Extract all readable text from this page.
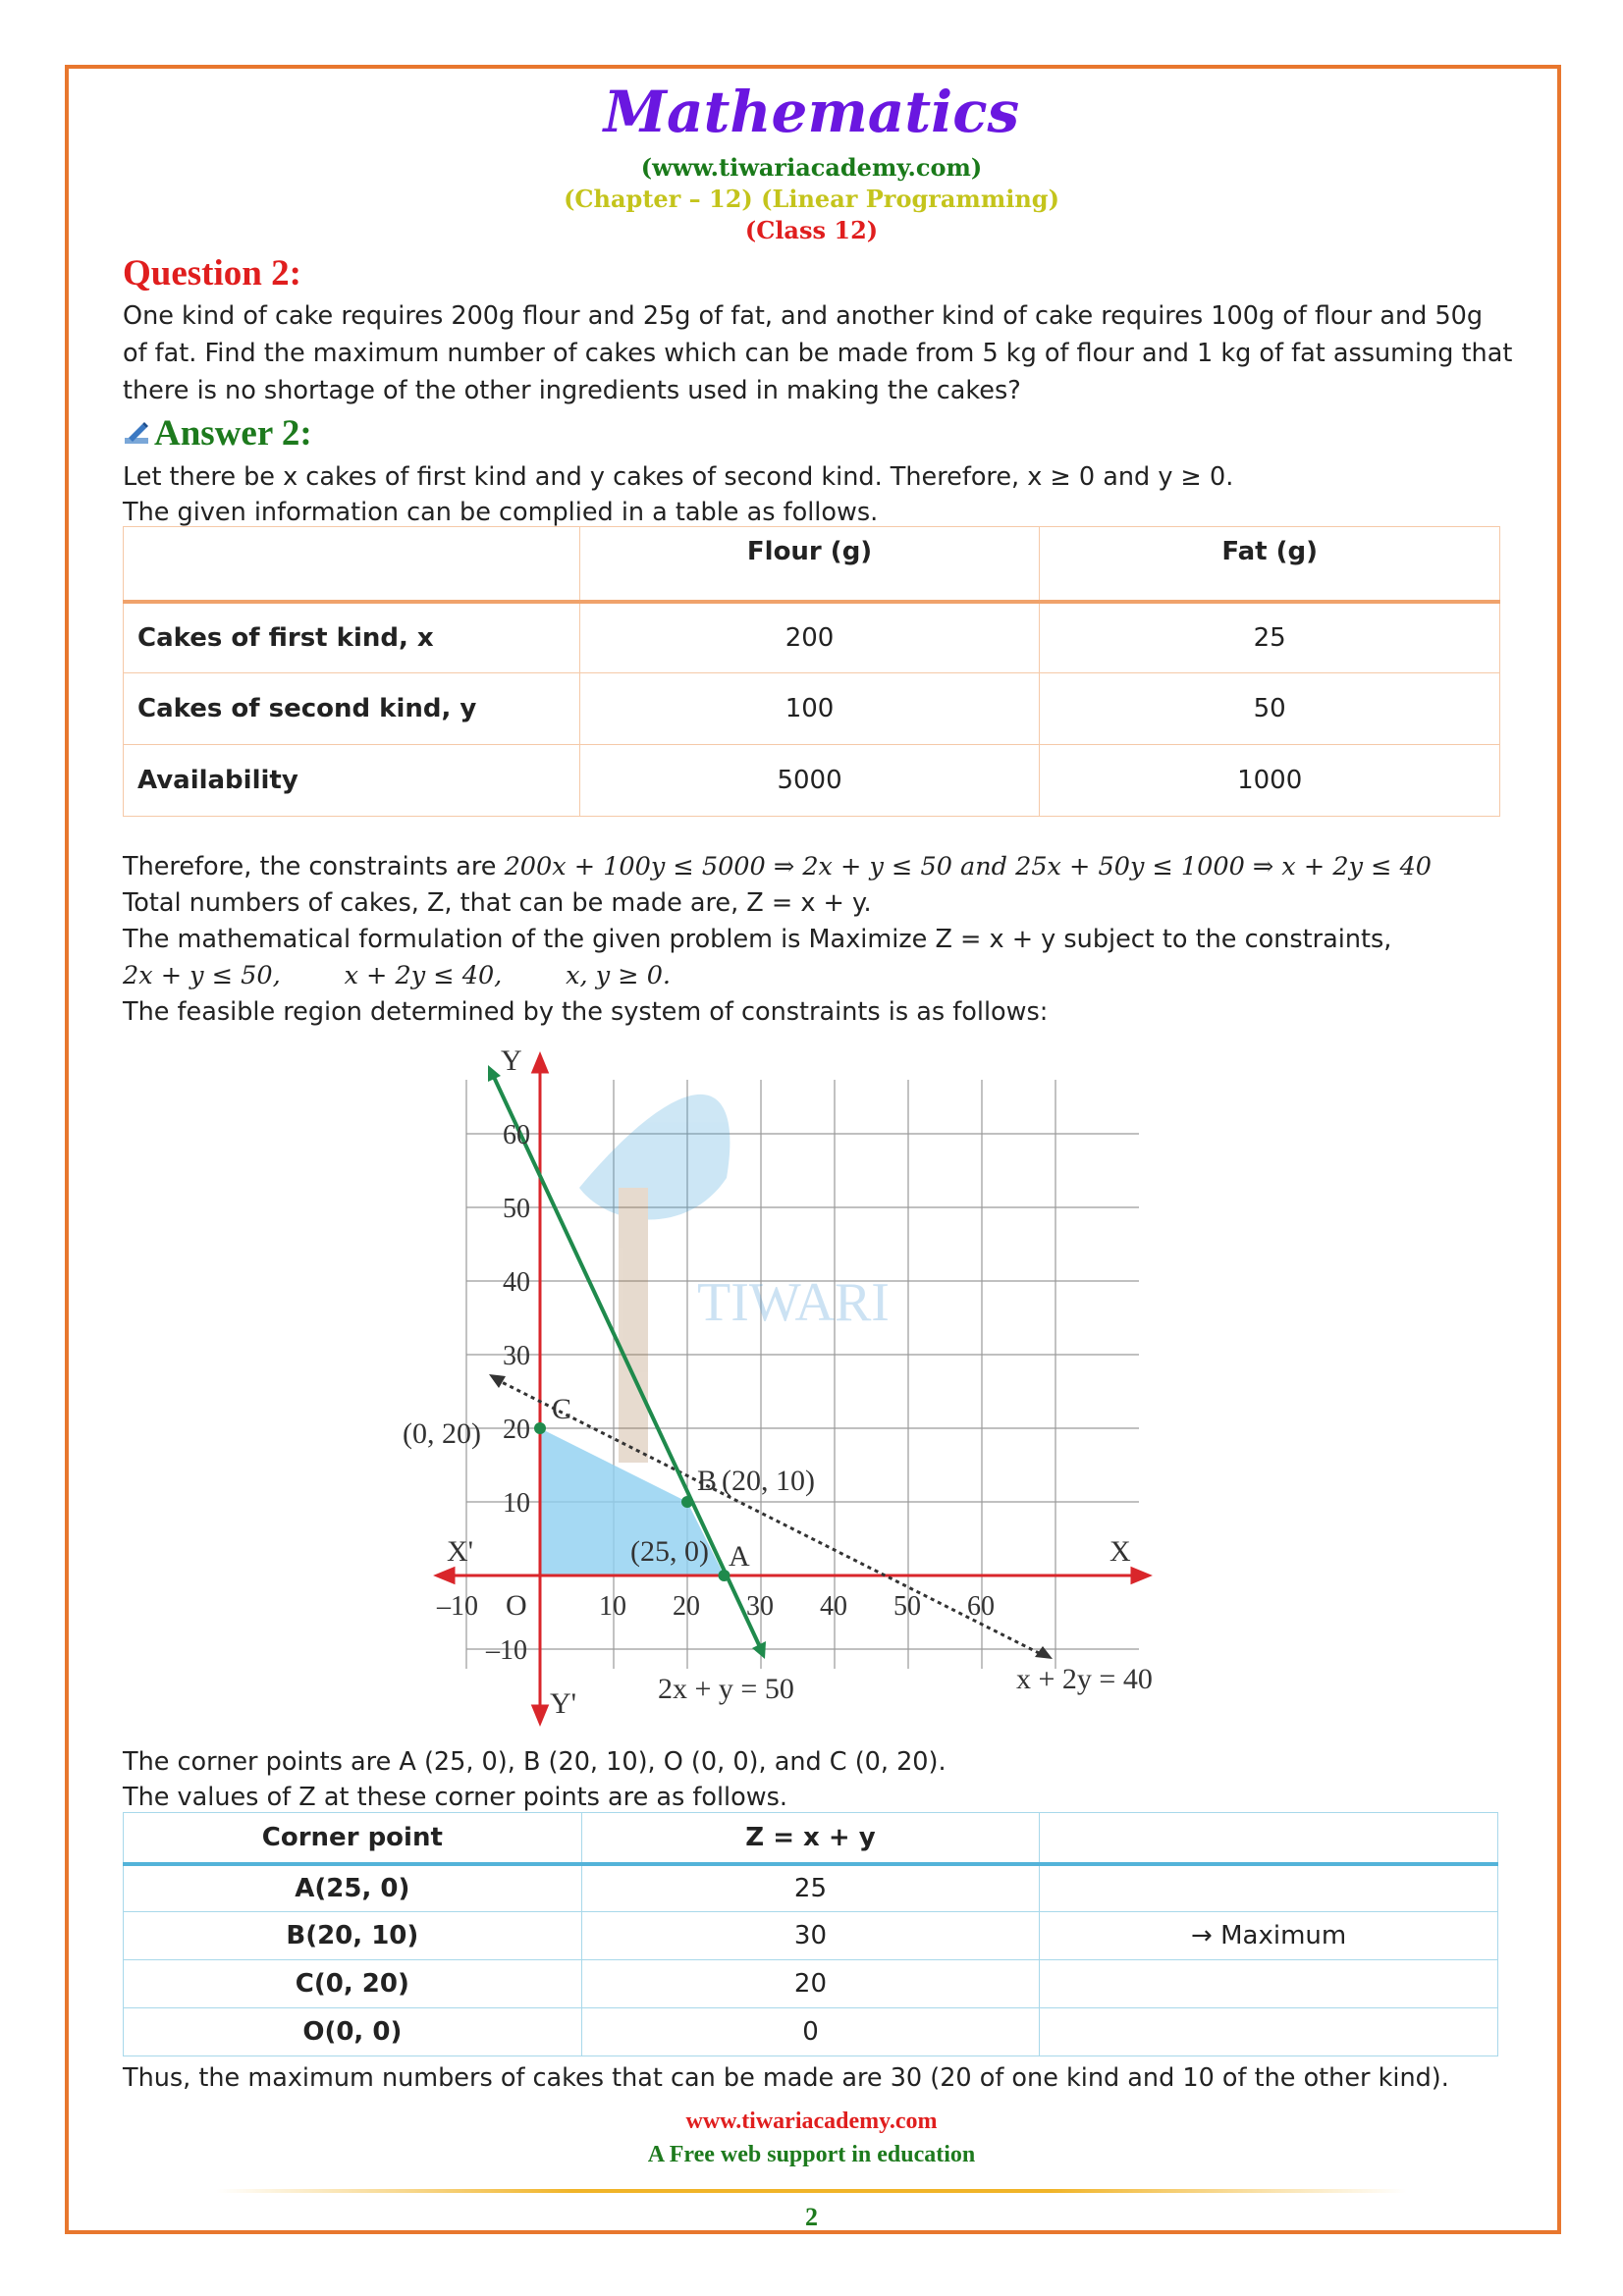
Mathematics
(www.tiwariacademy.com)
(Chapter – 12) (Linear Programming)
(Class 12)
Question 2:
One kind of cake requires 200g flour and 25g of fat, and another kind of cake requires 100g of flour and 50g
of fat. Find the maximum number of cakes which can be made from 5 kg of flour and 1 kg of fat assuming that
there is no shortage of the other ingredients used in making the cakes?
Answer 2:
Let there be x cakes of first kind and y cakes of second kind. Therefore, x ≥ 0 and y ≥ 0.
The given information can be complied in a table as follows.
	Flour (g)	Fat (g)
Cakes of first kind, x	200	25
Cakes of second kind, y	100	50
Availability	5000	1000
Therefore, the constraints are 200𝑥 + 100𝑦 ≤ 5000 ⇒ 2𝑥 + 𝑦 ≤ 50 and 25𝑥 + 50𝑦 ≤ 1000 ⇒ 𝑥 + 2𝑦 ≤ 40
Total numbers of cakes, Z, that can be made are, Z = x + y.
The mathematical formulation of the given problem is Maximize Z = x + y subject to the constraints,
2𝑥 + 𝑦 ≤ 50,        𝑥 + 2𝑦 ≤ 40,        𝑥, 𝑦 ≥ 0.
The feasible region determined by the system of constraints is as follows:
TIWARI
Y
Y'
X
X'
O
–10	10 20 30 40 50 60
60
50
40
30
20
10
–10
C
(0, 20)
B (20, 10)
A
(25, 0)
2x + y = 50	x + 2y = 40
The corner points are A (25, 0), B (20, 10), O (0, 0), and C (0, 20).
The values of Z at these corner points are as follows.
Corner point	Z = x + y	
A(25, 0)	25	
B(20, 10)	30	→ Maximum
C(0, 20)	20	
O(0, 0)	0	
Thus, the maximum numbers of cakes that can be made are 30 (20 of one kind and 10 of the other kind).
www.tiwariacademy.com
A Free web support in education
2
